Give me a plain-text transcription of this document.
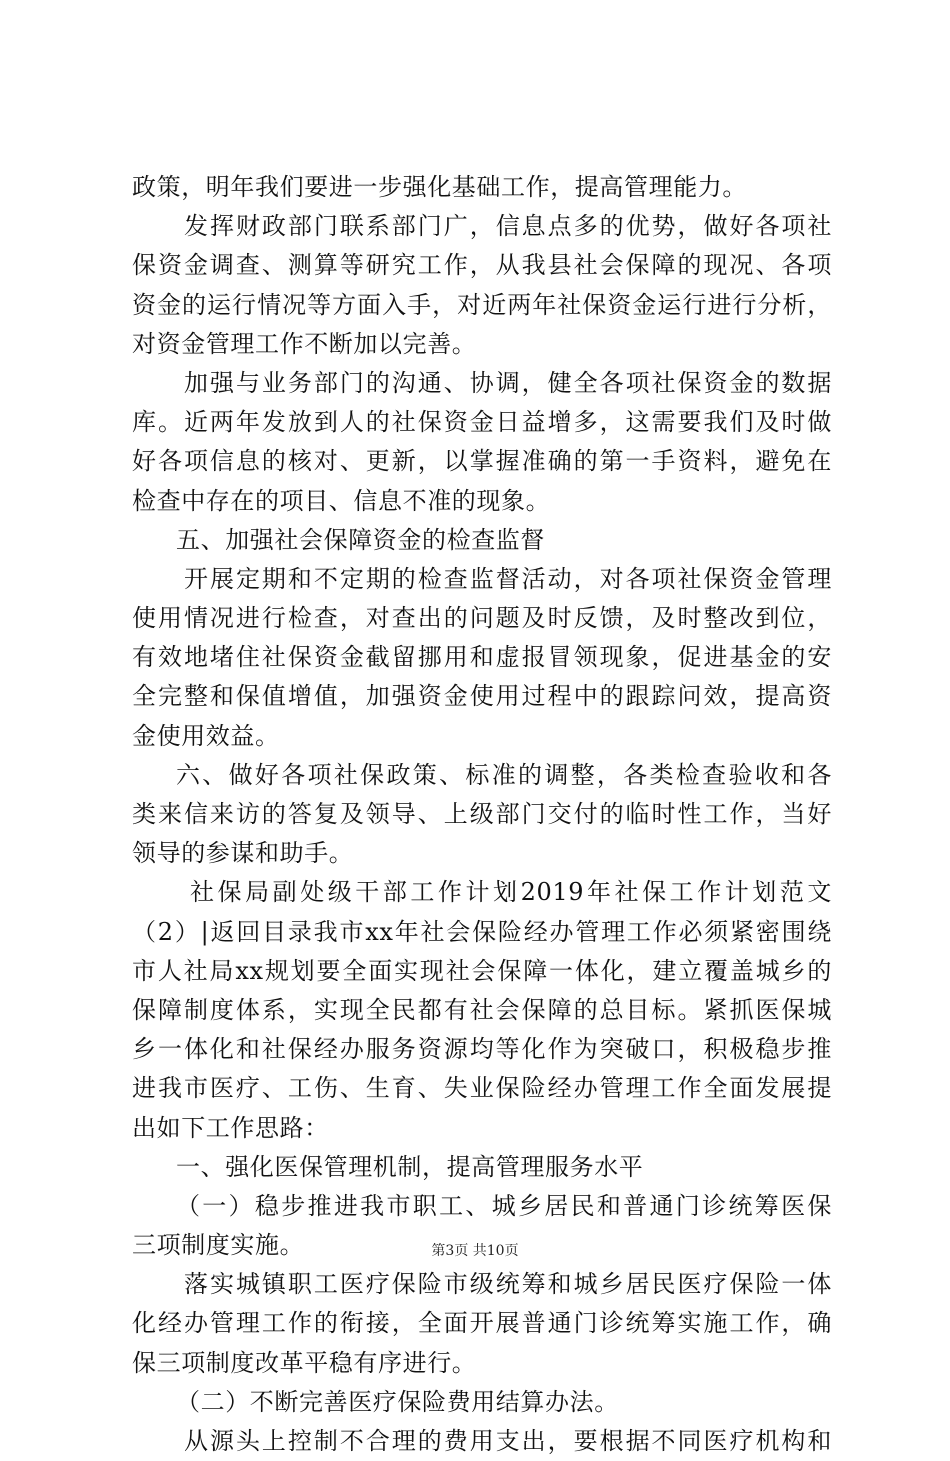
政策，明年我们要进一步强化基础工作，提高管理能力。
发挥财政部门联系部门广，信息点多的优势，做好各项社
保资金调查、测算等研究工作，从我县社会保障的现况、各项
资金的运行情况等方面入手，对近两年社保资金运行进行分析，
对资金管理工作不断加以完善。
加强与业务部门的沟通、协调，健全各项社保资金的数据
库。近两年发放到人的社保资金日益增多，这需要我们及时做
好各项信息的核对、更新，以掌握准确的第一手资料，避免在
检查中存在的项目、信息不准的现象。
五、加强社会保障资金的检查监督
开展定期和不定期的检查监督活动，对各项社保资金管理
使用情况进行检查，对查出的问题及时反馈，及时整改到位，
有效地堵住社保资金截留挪用和虚报冒领现象，促进基金的安
全完整和保值增值，加强资金使用过程中的跟踪问效，提高资
金使用效益。
六、做好各项社保政策、标准的调整，各类检查验收和各
类来信来访的答复及领导、上级部门交付的临时性工作，当好
领导的参谋和助手。
社保局副处级干部工作计划2019年社保工作计划范文
（2）|返回目录我市xx年社会保险经办管理工作必须紧密围绕
市人社局xx规划要全面实现社会保障一体化，建立覆盖城乡的
保障制度体系，实现全民都有社会保障的总目标。紧抓医保城
乡一体化和社保经办服务资源均等化作为突破口，积极稳步推
进我市医疗、工伤、生育、失业保险经办管理工作全面发展提
出如下工作思路：
一、强化医保管理机制，提高管理服务水平
（一）稳步推进我市职工、城乡居民和普通门诊统筹医保
三项制度实施。
落实城镇职工医疗保险市级统筹和城乡居民医疗保险一体
化经办管理工作的衔接，全面开展普通门诊统筹实施工作，确
保三项制度改革平稳有序进行。
（二）不断完善医疗保险费用结算办法。
从源头上控制不合理的费用支出，要根据不同医疗机构和
第3页 共10页
